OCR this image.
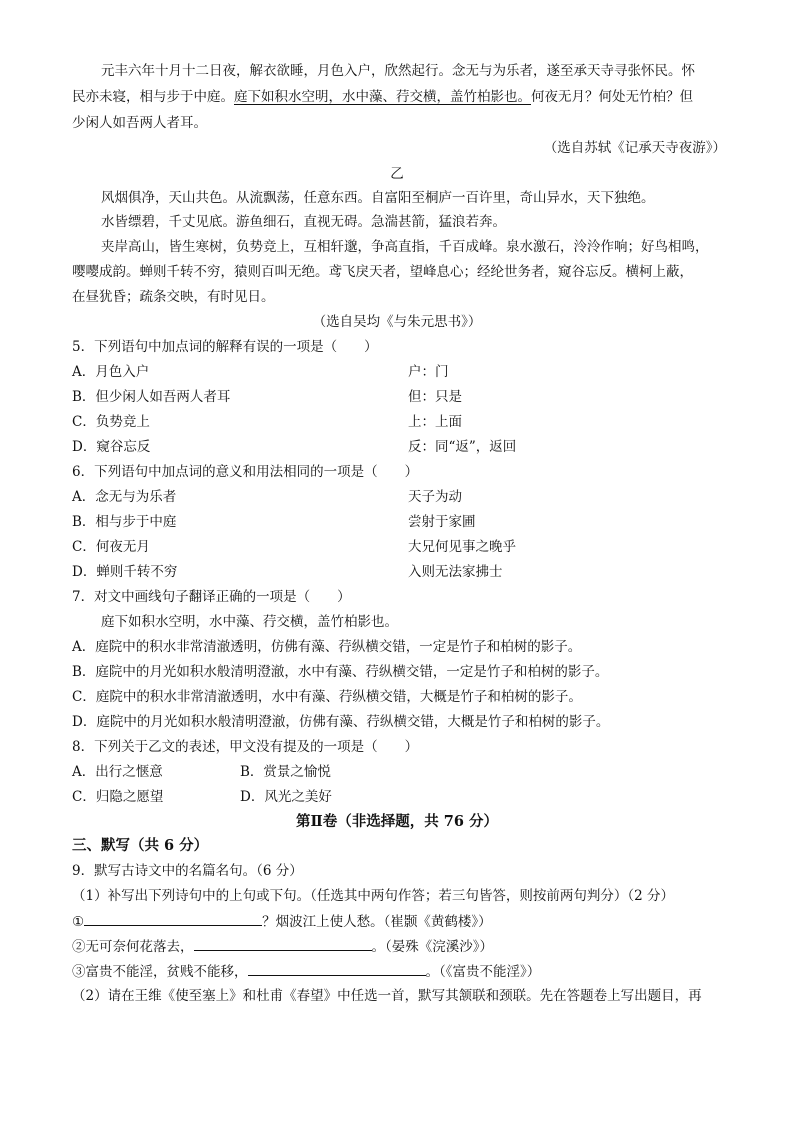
元丰六年十月十二日夜，解衣欲睡，月色入户，欣然起行。念无与为乐者，遂至承天寺寻张怀民。怀
民亦未寝，相与步于中庭。庭下如积水空明，水中藻、荇交横，盖竹柏影也。何夜无月？何处无竹柏？但
少闲人如吾两人者耳。
（选自苏轼《记承天寺夜游》）
乙
风烟俱净，天山共色。从流飘荡，任意东西。自富阳至桐庐一百许里，奇山异水，天下独绝。
水皆缥碧，千丈见底。游鱼细石，直视无碍。急湍甚箭，猛浪若奔。
夹岸高山，皆生寒树，负势竞上，互相轩邈，争高直指，千百成峰。泉水激石，泠泠作响；好鸟相鸣，
嘤嘤成韵。蝉则千转不穷，猿则百叫无绝。鸢飞戾天者，望峰息心；经纶世务者，窥谷忘反。横柯上蔽，
在昼犹昏；疏条交映，有时见日。
（选自吴均《与朱元思书》）
5．下列语句中加点词的解释有误的一项是（　　）
A．月色入户	户：门
B．但少闲人如吾两人者耳	但：只是
C．负势竞上	上：上面
D．窥谷忘反	反：同“返”，返回
6．下列语句中加点词的意义和用法相同的一项是（　　）
A．念无与为乐者	天子为动
B．相与步于中庭	尝射于家圃
C．何夜无月	大兄何见事之晚乎
D．蝉则千转不穷	入则无法家拂士
7．对文中画线句子翻译正确的一项是（　　）
庭下如积水空明，水中藻、荇交横，盖竹柏影也。
A．庭院中的积水非常清澈透明，仿佛有藻、荇纵横交错，一定是竹子和柏树的影子。
B．庭院中的月光如积水般清明澄澈，水中有藻、荇纵横交错，一定是竹子和柏树的影子。
C．庭院中的积水非常清澈透明，水中有藻、荇纵横交错，大概是竹子和柏树的影子。
D．庭院中的月光如积水般清明澄澈，仿佛有藻、荇纵横交错，大概是竹子和柏树的影子。
8．下列关于乙文的表述，甲文没有提及的一项是（　　）
A．出行之惬意	B．赏景之愉悦
C．归隐之愿望	D．风光之美好
第Ⅱ卷（非选择题，共 76 分）
三、默写（共 6 分）
9．默写古诗文中的名篇名句。（6 分）
（1）补写出下列诗句中的上句或下句。（任选其中两句作答；若三句皆答，则按前两句判分）（2 分）
①	？烟波江上使人愁。（崔颢《黄鹤楼》）
②无可奈何花落去，	。（晏殊《浣溪沙》）
③富贵不能淫，贫贱不能移，	。（《富贵不能淫》）
（2）请在王维《使至塞上》和杜甫《春望》中任选一首，默写其颔联和颈联。先在答题卷上写出题目，再
